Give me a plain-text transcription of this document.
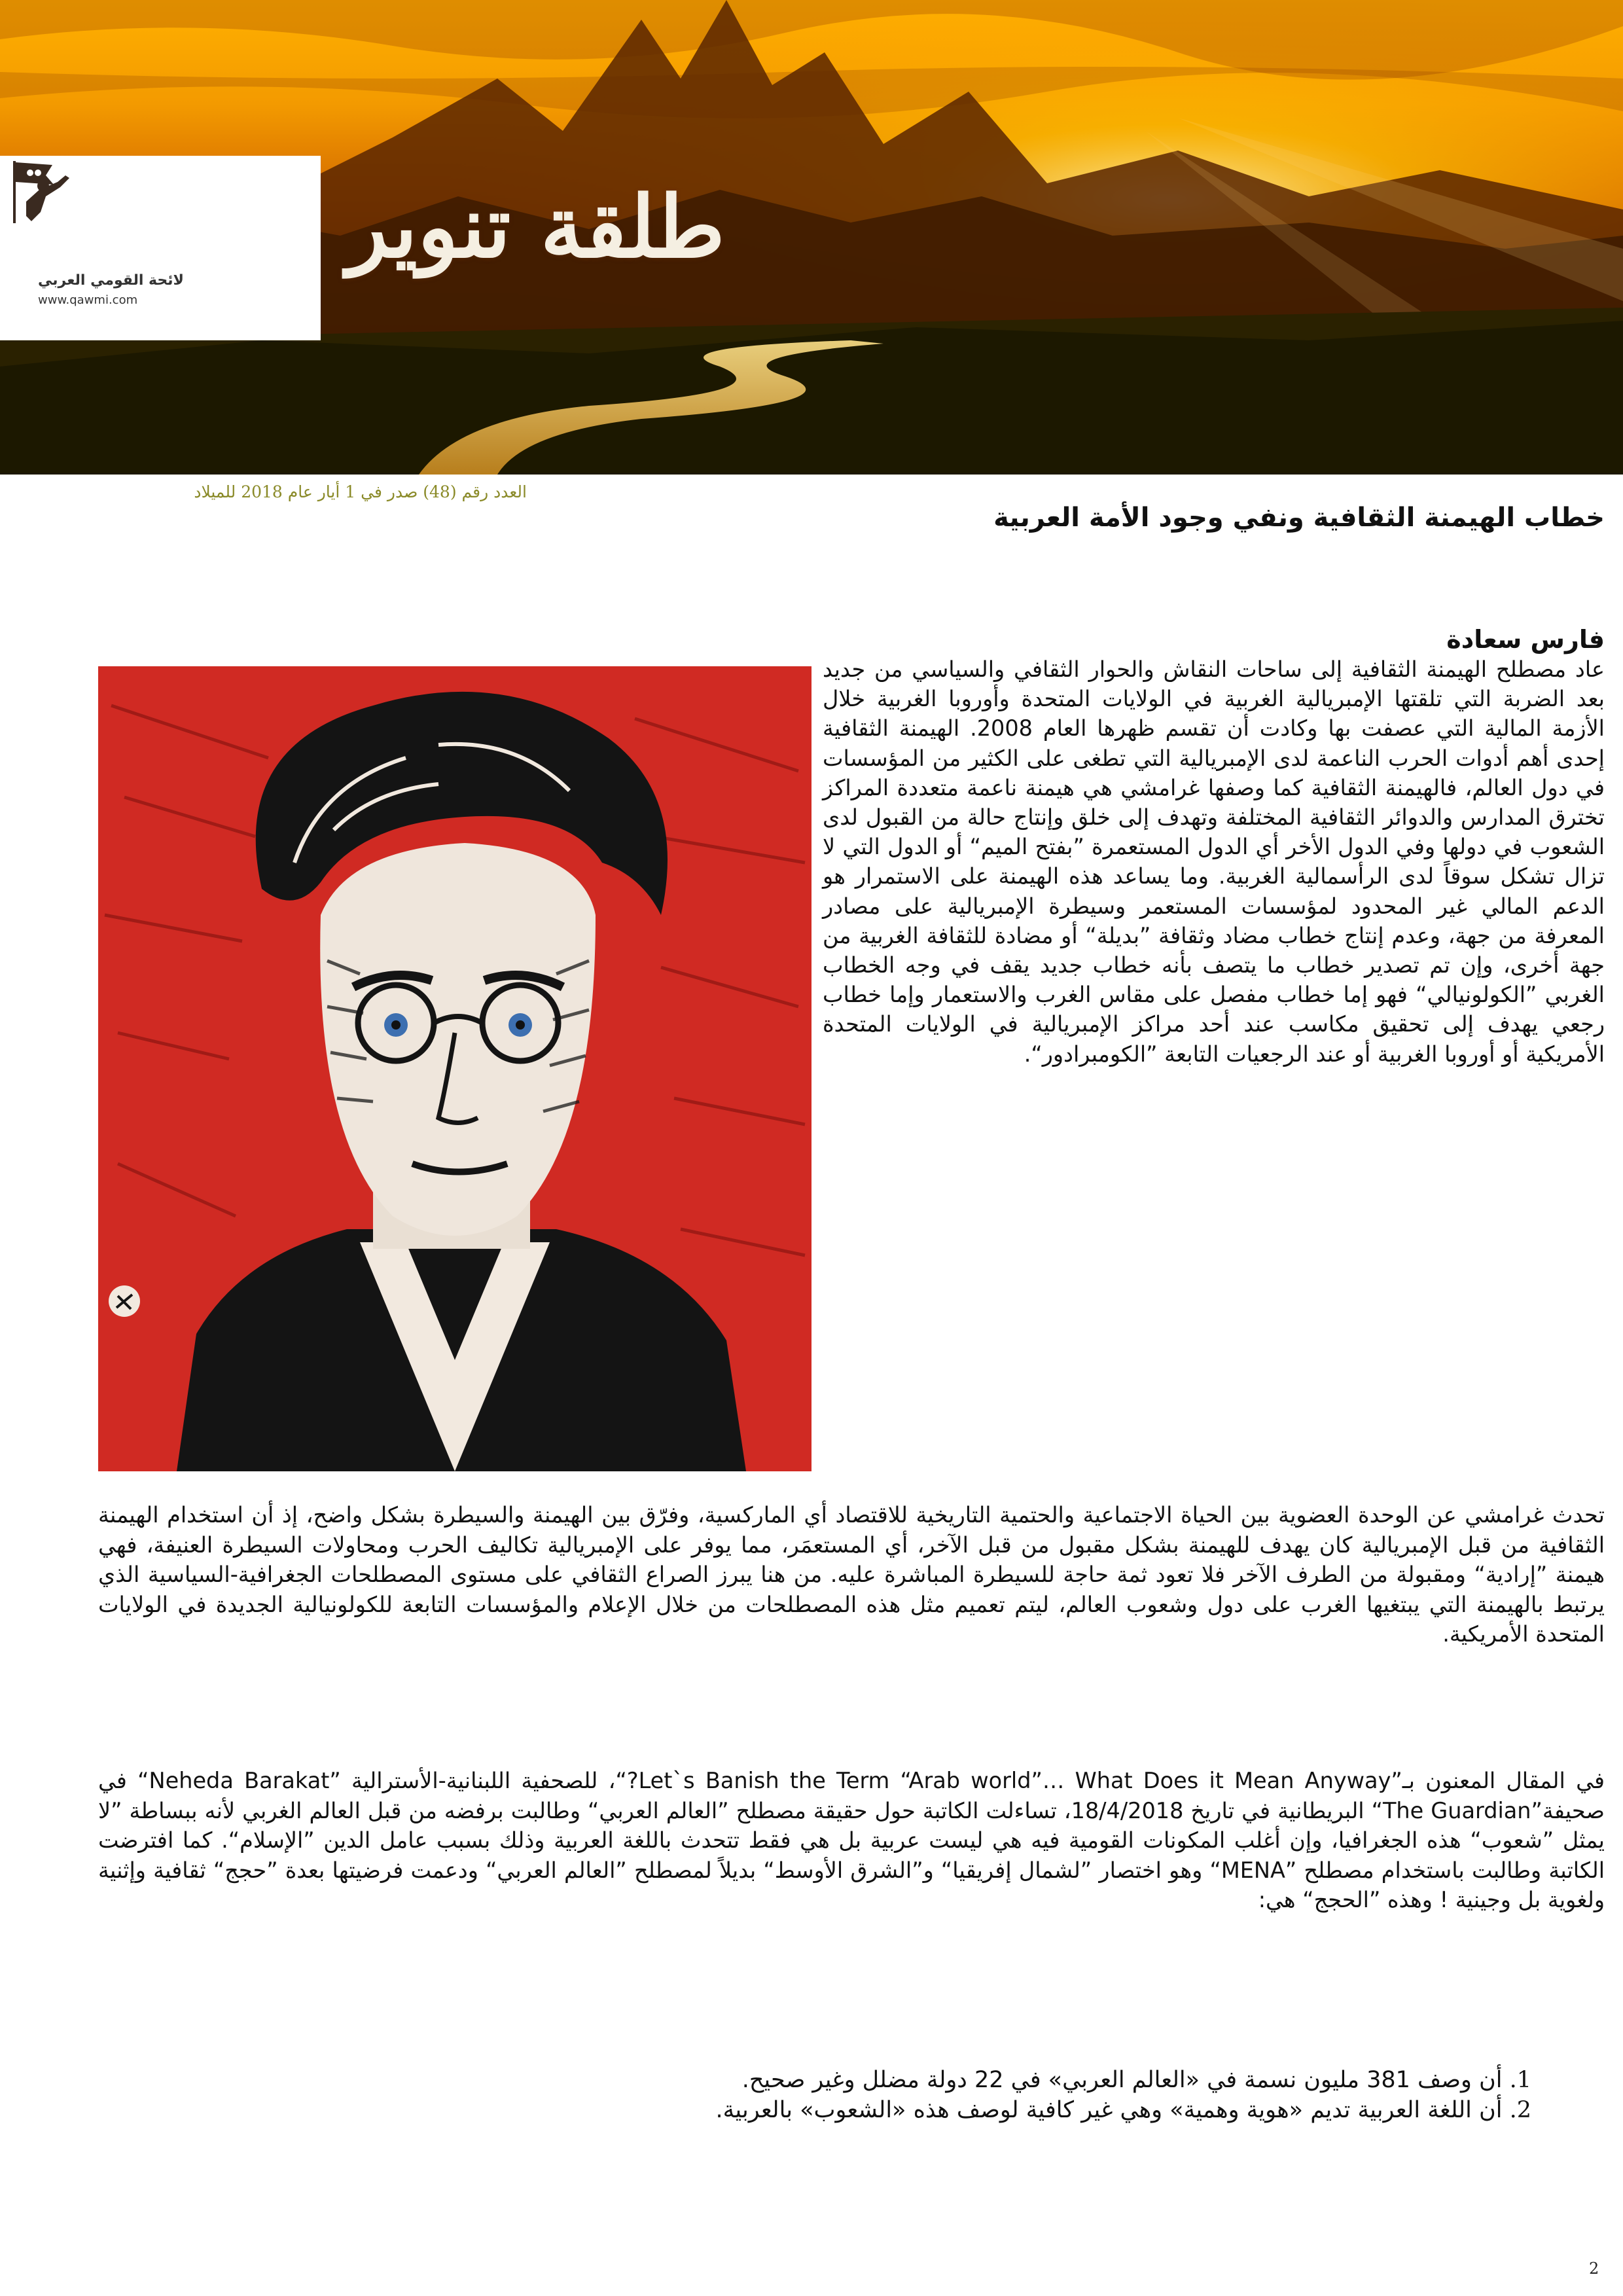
لائحة القومي العربي
www.qawmi.com
طلقة تنوير
العدد رقم (48) صدر في 1 أيار عام 2018 للميلاد
خطاب الهيمنة الثقافية ونفي وجود الأمة العربية
فارس سعادة
عاد مصطلح الهيمنة الثقافية إلى ساحات النقاش والحوار الثقافي والسياسي من جديد بعد الضربة التي تلقتها الإمبريالية الغربية في الولايات المتحدة وأوروبا الغربية خلال الأزمة المالية التي عصفت بها وكادت أن تقسم ظهرها العام 2008. الهيمنة الثقافية إحدى أهم أدوات الحرب الناعمة لدى الإمبريالية التي تطغى على الكثير من المؤسسات في دول العالم، فالهيمنة الثقافية كما وصفها غرامشي هي هيمنة ناعمة متعددة المراكز تخترق المدارس والدوائر الثقافية المختلفة وتهدف إلى خلق وإنتاج حالة من القبول لدى الشعوب في دولها وفي الدول الأخر أي الدول المستعمرة ”بفتح الميم“ أو الدول التي لا تزال تشكل سوقاً لدى الرأسمالية الغربية. وما يساعد هذه الهيمنة على الاستمرار هو الدعم المالي غير المحدود لمؤسسات المستعمر وسيطرة الإمبريالية على مصادر المعرفة من جهة، وعدم إنتاج خطاب مضاد وثقافة ”بديلة“ أو مضادة للثقافة الغربية من جهة أخرى، وإن تم تصدير خطاب ما يتصف بأنه خطاب جديد يقف في وجه الخطاب الغربي ”الكولونيالي“ فهو إما خطاب مفصل على مقاس الغرب والاستعمار وإما خطاب رجعي يهدف إلى تحقيق مكاسب عند أحد مراكز الإمبريالية في الولايات المتحدة الأمريكية أو أوروبا الغربية أو عند الرجعيات التابعة ”الكومبرادور“.
تحدث غرامشي عن الوحدة العضوية بين الحياة الاجتماعية والحتمية التاريخية للاقتصاد أي الماركسية، وفرّق بين الهيمنة والسيطرة بشكل واضح، إذ أن استخدام الهيمنة الثقافية من قبل الإمبريالية كان يهدف للهيمنة بشكل مقبول من قبل الآخر، أي المستعمَر، مما يوفر على الإمبريالية تكاليف الحرب ومحاولات السيطرة العنيفة، فهي هيمنة ”إرادية“ ومقبولة من الطرف الآخر فلا تعود ثمة حاجة للسيطرة المباشرة عليه. من هنا يبرز الصراع الثقافي على مستوى المصطلحات الجغرافية-السياسية الذي يرتبط بالهيمنة التي يبتغيها الغرب على دول وشعوب العالم، ليتم تعميم مثل هذه المصطلحات من خلال الإعلام والمؤسسات التابعة للكولونيالية الجديدة في الولايات المتحدة الأمريكية.
في المقال المعنون بـ”Let`s Banish the Term “Arab world”… What Does it Mean Anyway?“، للصحفية اللبنانية-الأسترالية ”Neheda Barakat“ في صحيفة”The Guardian“ البريطانية في تاريخ 18/4/2018، تساءلت الكاتبة حول حقيقة مصطلح ”العالم العربي“ وطالبت برفضه من قبل العالم الغربي لأنه ببساطة ”لا يمثل ”شعوب“ هذه الجغرافيا، وإن أغلب المكونات القومية فيه هي ليست عربية بل هي فقط تتحدث باللغة العربية وذلك بسبب عامل الدين ”الإسلام“. كما افترضت الكاتبة وطالبت باستخدام مصطلح ”MENA“ وهو اختصار ”لشمال إفريقيا“ و”الشرق الأوسط“ بديلاً لمصطلح ”العالم العربي“ ودعمت فرضيتها بعدة ”حجج“ ثقافية وإثنية ولغوية بل وجينية ! وهذه ”الحجج“ هي:
1. أن وصف 381 مليون نسمة في «العالم العربي» في 22 دولة مضلل وغير صحيح.
2. أن اللغة العربية تديم «هوية وهمية» وهي غير كافية لوصف هذه «الشعوب» بالعربية.
2
